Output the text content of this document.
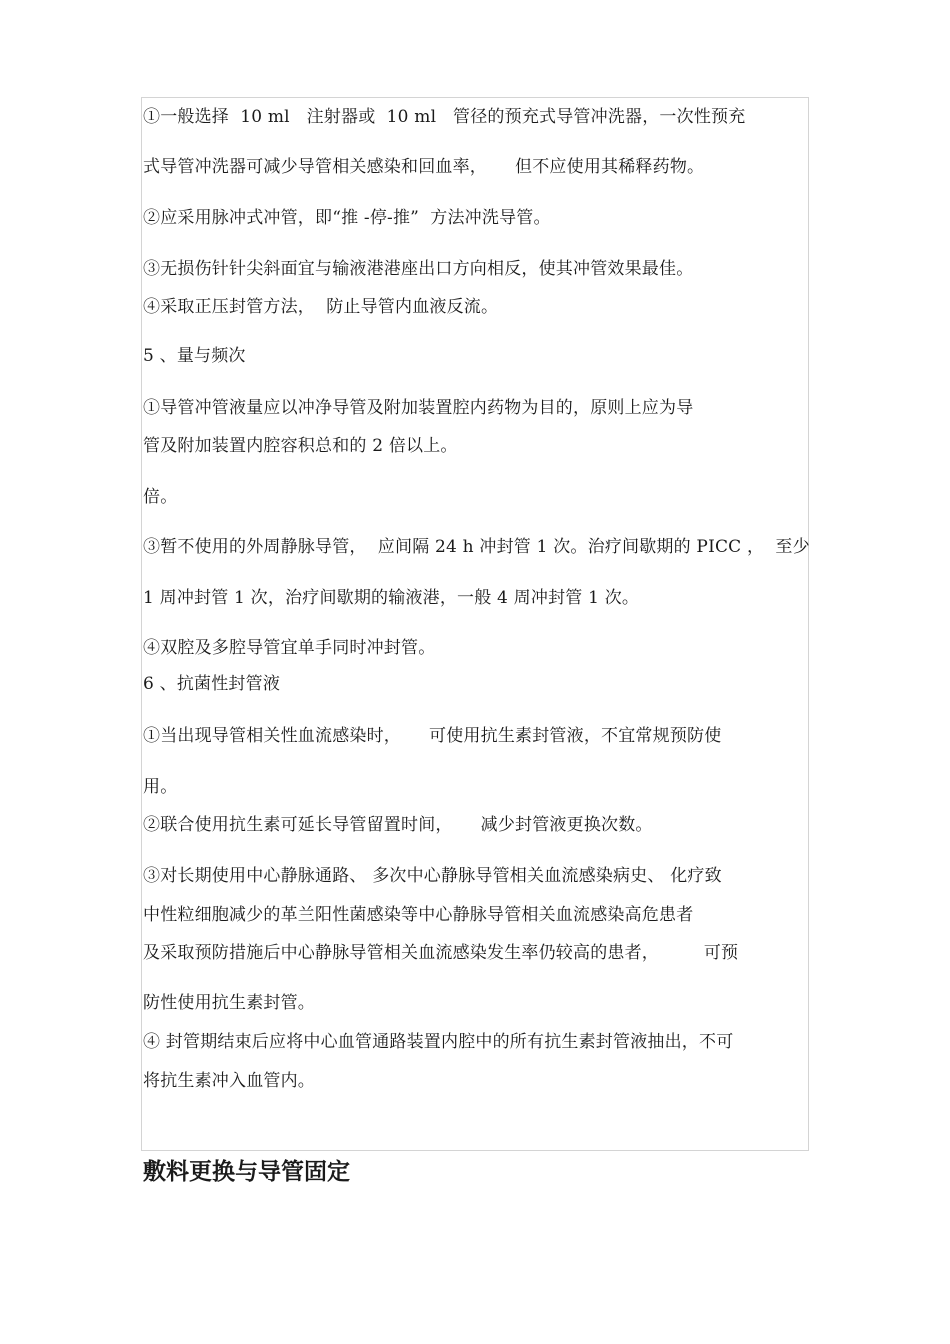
①一般选择  10 ml   注射器或  10 ml   管径的预充式导管冲洗器，一次性预充

式导管冲洗器可减少导管相关感染和回血率，     但不应使用其稀释药物。

②应采用脉冲式冲管，即“推 -停-推”  方法冲洗导管。

③无损伤针针尖斜面宜与输液港港座出口方向相反，使其冲管效果最佳。

④采取正压封管方法，  防止导管内血液反流。

5 、量与频次

①导管冲管液量应以冲净导管及附加装置腔内药物为目的，原则上应为导

管及附加装置内腔容积总和的 2 倍以上。

倍。

③暂不使用的外周静脉导管，  应间隔 24 h 冲封管 1 次。治疗间歇期的 PICC ，  至少

1 周冲封管 1 次，治疗间歇期的输液港，一般 4 周冲封管 1 次。

④双腔及多腔导管宜单手同时冲封管。

6 、抗菌性封管液

①当出现导管相关性血流感染时，     可使用抗生素封管液，不宜常规预防使

用。

②联合使用抗生素可延长导管留置时间，     减少封管液更换次数。

③对长期使用中心静脉通路、 多次中心静脉导管相关血流感染病史、 化疗致

中性粒细胞减少的革兰阳性菌感染等中心静脉导管相关血流感染高危患者

及采取预防措施后中心静脉导管相关血流感染发生率仍较高的患者，        可预

防性使用抗生素封管。

④ 封管期结束后应将中心血管通路装置内腔中的所有抗生素封管液抽出，不可

将抗生素冲入血管内。

敷料更换与导管固定
